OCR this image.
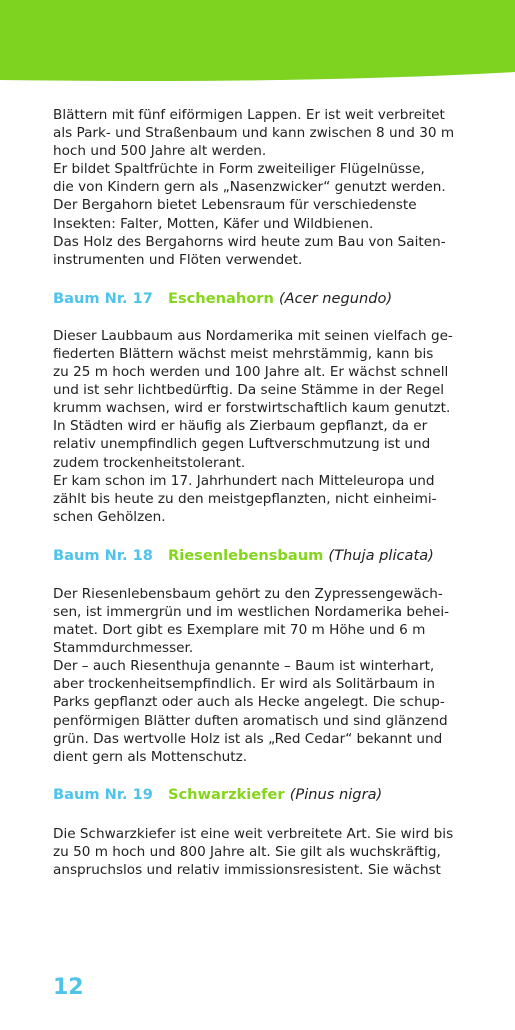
Blättern mit fünf eiförmigen Lappen. Er ist weit verbreitet
als Park- und Straßenbaum und kann zwischen 8 und 30 m
hoch und 500 Jahre alt werden.
Er bildet Spaltfrüchte in Form zweiteiliger Flügelnüsse,
die von Kindern gern als „Nasenzwicker“ genutzt werden.
Der Bergahorn bietet Lebensraum für verschiedenste
Insekten: Falter, Motten, Käfer und Wildbienen.
Das Holz des Bergahorns wird heute zum Bau von Saiten-
instrumenten und Flöten verwendet.

Baum Nr. 17 Eschenahorn (Acer negundo)

Dieser Laubbaum aus Nordamerika mit seinen vielfach ge-
fiederten Blättern wächst meist mehrstämmig, kann bis
zu 25 m hoch werden und 100 Jahre alt. Er wächst schnell
und ist sehr lichtbedürftig. Da seine Stämme in der Regel
krumm wachsen, wird er forstwirtschaftlich kaum genutzt.
In Städten wird er häufig als Zierbaum gepflanzt, da er
relativ unempfindlich gegen Luftverschmutzung ist und
zudem trockenheitstolerant.
Er kam schon im 17. Jahrhundert nach Mitteleuropa und
zählt bis heute zu den meistgepflanzten, nicht einheimi-
schen Gehölzen.

Baum Nr. 18 Riesenlebensbaum (Thuja plicata)

Der Riesenlebensbaum gehört zu den Zypressengewäch-
sen, ist immergrün und im westlichen Nordamerika behei-
matet. Dort gibt es Exemplare mit 70 m Höhe und 6 m
Stammdurchmesser.
Der – auch Riesenthuja genannte – Baum ist winterhart,
aber trockenheitsempfindlich. Er wird als Solitärbaum in
Parks gepflanzt oder auch als Hecke angelegt. Die schup-
penförmigen Blätter duften aromatisch und sind glänzend
grün. Das wertvolle Holz ist als „Red Cedar“ bekannt und
dient gern als Mottenschutz.

Baum Nr. 19 Schwarzkiefer (Pinus nigra)

Die Schwarzkiefer ist eine weit verbreitete Art. Sie wird bis
zu 50 m hoch und 800 Jahre alt. Sie gilt als wuchskräftig,
anspruchslos und relativ immissionsresistent. Sie wächst

12
